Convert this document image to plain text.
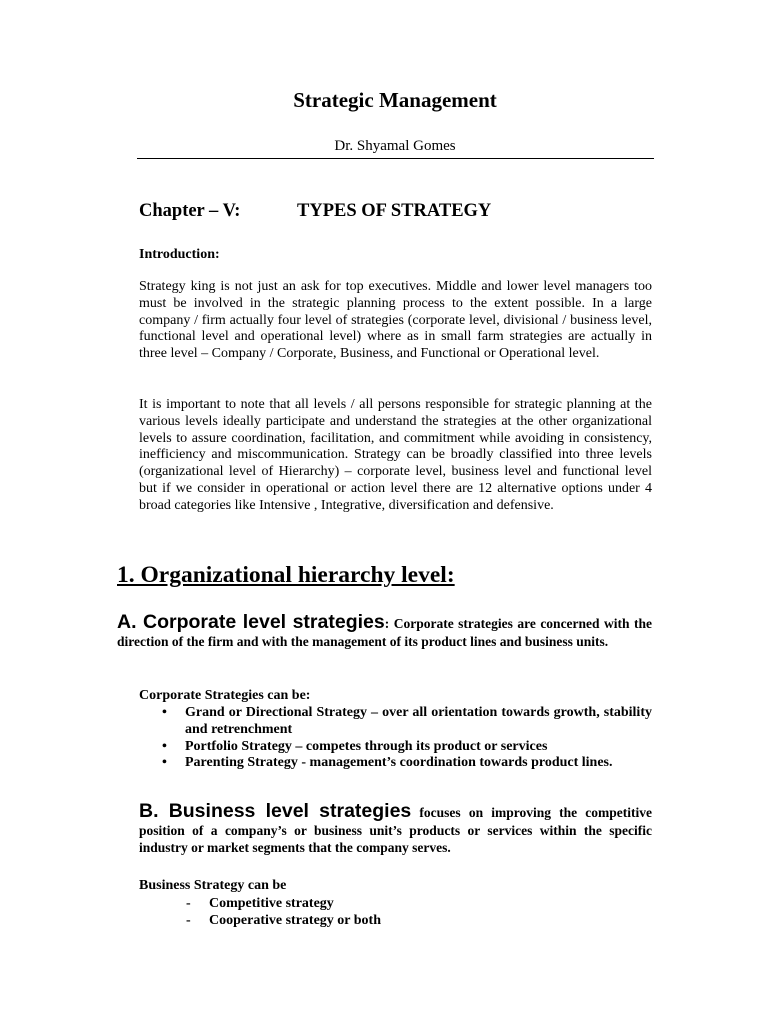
Strategic Management
Dr. Shyamal Gomes
Chapter – V:	TYPES OF STRATEGY
Introduction:
Strategy king is not just an ask for top executives. Middle and lower level managers too must be involved in the strategic planning process to the extent possible. In a large company / firm actually four level of strategies (corporate level, divisional / business level, functional level and operational level) where as in small farm strategies are actually in three level – Company / Corporate, Business, and Functional or Operational level.
It is important to note that all levels / all persons responsible for strategic planning at the various levels ideally participate and understand the strategies at the other organizational levels to assure coordination, facilitation, and commitment while avoiding in consistency, inefficiency and miscommunication. Strategy can be broadly classified into three levels (organizational level of Hierarchy) – corporate level, business level and functional level but if we consider in operational or action level there are 12 alternative options under 4 broad categories like Intensive , Integrative, diversification and defensive.
1. Organizational hierarchy level:
A. Corporate level strategies: Corporate strategies are concerned with the direction of the firm and with the management of its product lines and business units.
Corporate Strategies can be:
• Grand or Directional Strategy – over all orientation towards growth, stability and retrenchment
• Portfolio Strategy – competes through its product or services
• Parenting Strategy - management’s coordination towards product lines.
B. Business level strategies focuses on improving the competitive position of a company’s or business unit’s products or services within the specific industry or market segments that the company serves.
Business Strategy can be
- Competitive strategy
- Cooperative strategy or both
